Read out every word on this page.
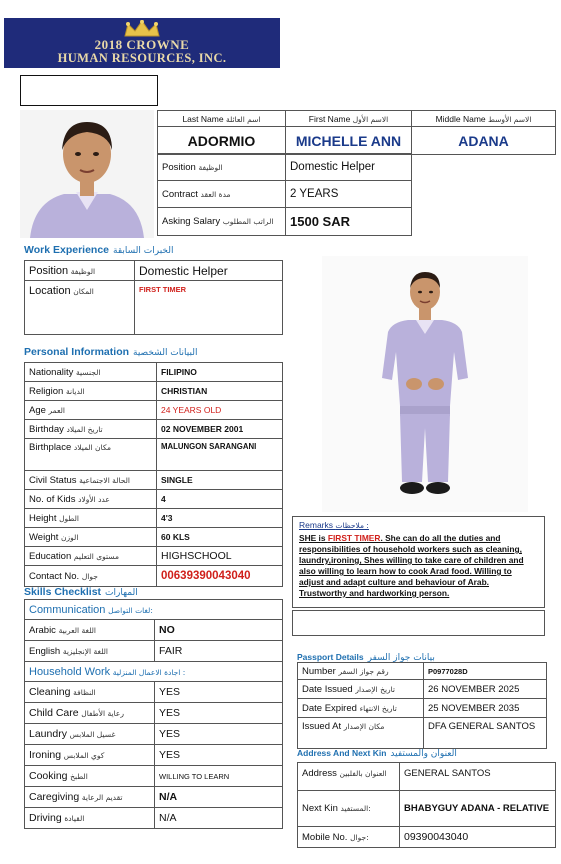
2018 CROWNE
HUMAN RESOURCES, INC.
Last Name اسم العائلة	First Name الاسم الأول	Middle Name الاسم الأوسط
ADORMIO	MICHELLE ANN	ADANA
Position الوظيفة	Domestic Helper
Contract مدة العقد	2 YEARS
Asking Salary الراتب المطلوب	1500 SAR
Work Experience الخبرات السابقة
Position الوظيفة	Domestic Helper
Location المكان	FIRST TIMER
Personal Information البيانات الشخصية
Nationality الجنسية	FILIPINO
Religion الديانة	CHRISTIAN
Age العمر	24 YEARS OLD
Birthday تاريخ الميلاد	02 NOVEMBER 2001
Birthplace مكان الميلاد	MALUNGON SARANGANI
Civil Status الحالة الاجتماعية	SINGLE
No. of Kids عدد الأولاد	4
Height الطول	4'3
Weight الوزن	60 KLS
Education مستوى التعليم	HIGHSCHOOL
Contact No. جوال	00639390043040
Skills Checklist المهارات
Communication لغات التواصل:	
Arabic اللغة العربية	NO
English اللغة الإنجليزية	FAIR
Household Work اجادة الاعمال المنزلية :	
Cleaning النظافة	YES
Child Care رعاية الأطفال	YES
Laundry غسيل الملابس	YES
Ironing كوي الملابس	YES
Cooking الطبخ	WILLING TO LEARN
Caregiving تقديم الرعاية	N/A
Driving القيادة	N/A
Remarks ملاحظات :
SHE is FIRST TIMER. She can do all the duties and responsibilities of household workers such as cleaning, laundry,ironing, Shes willing to take care of children and also willing to learn how to cook Arad food. Willing to adjust and adapt culture and behaviour of Arab. Trustworthy and hardworking person.
Passport Details بيانات جواز السفر
Number رقم جواز السفر	P0977028D
Date Issued تاريخ الإصدار	26 NOVEMBER 2025
Date Expired تاريخ الانتهاء	25 NOVEMBER 2035
Issued At مكان الإصدار	DFA GENERAL SANTOS
Address And Next Kin العنوان والمستفيد
Address العنوان بالفلبين	GENERAL SANTOS
Next Kin المستفيد:	BHABYGUY ADANA - RELATIVE
Mobile No. جوال:	09390043040
